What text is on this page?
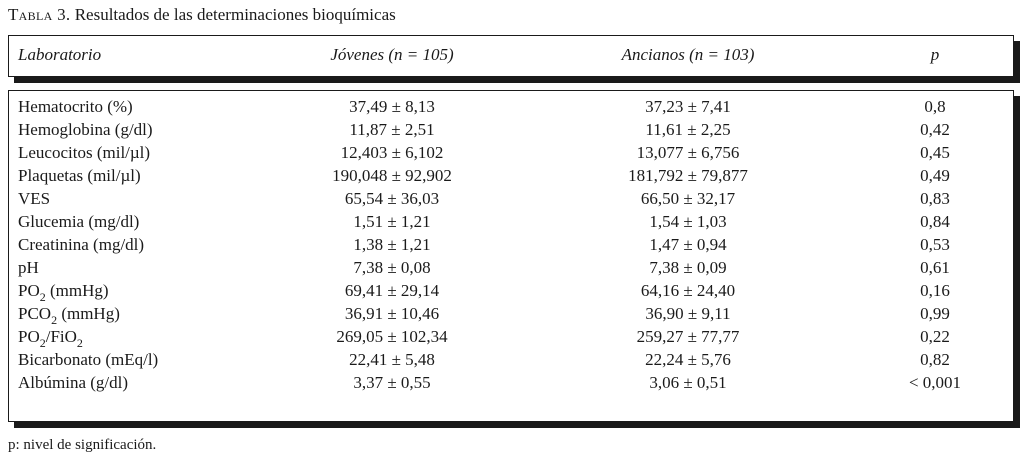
Tabla 3. Resultados de las determinaciones bioquímicas
Laboratorio	Jóvenes (n = 105)	Ancianos (n = 103)	p
Hematocrito (%)	37,49 ± 8,13	37,23 ± 7,41	0,8
Hemoglobina (g/dl)	11,87 ± 2,51	11,61 ± 2,25	0,42
Leucocitos (mil/µl)	12,403 ± 6,102	13,077 ± 6,756	0,45
Plaquetas (mil/µl)	190,048 ± 92,902	181,792 ± 79,877	0,49
VES	65,54 ± 36,03	66,50 ± 32,17	0,83
Glucemia (mg/dl)	1,51 ± 1,21	1,54 ± 1,03	0,84
Creatinina (mg/dl)	1,38 ± 1,21	1,47 ± 0,94	0,53
pH	7,38 ± 0,08	7,38 ± 0,09	0,61
$PO_2$ (mmHg)	69,41 ± 29,14	64,16 ± 24,40	0,16
$PCO_2$ (mmHg)	36,91 ± 10,46	36,90 ± 9,11	0,99
$PO_2/FiO_2$	269,05 ± 102,34	259,27 ± 77,77	0,22
Bicarbonato (mEq/l)	22,41 ± 5,48	22,24 ± 5,76	0,82
Albúmina (g/dl)	3,37 ± 0,55	3,06 ± 0,51	< 0,001
p: nivel de significación.
